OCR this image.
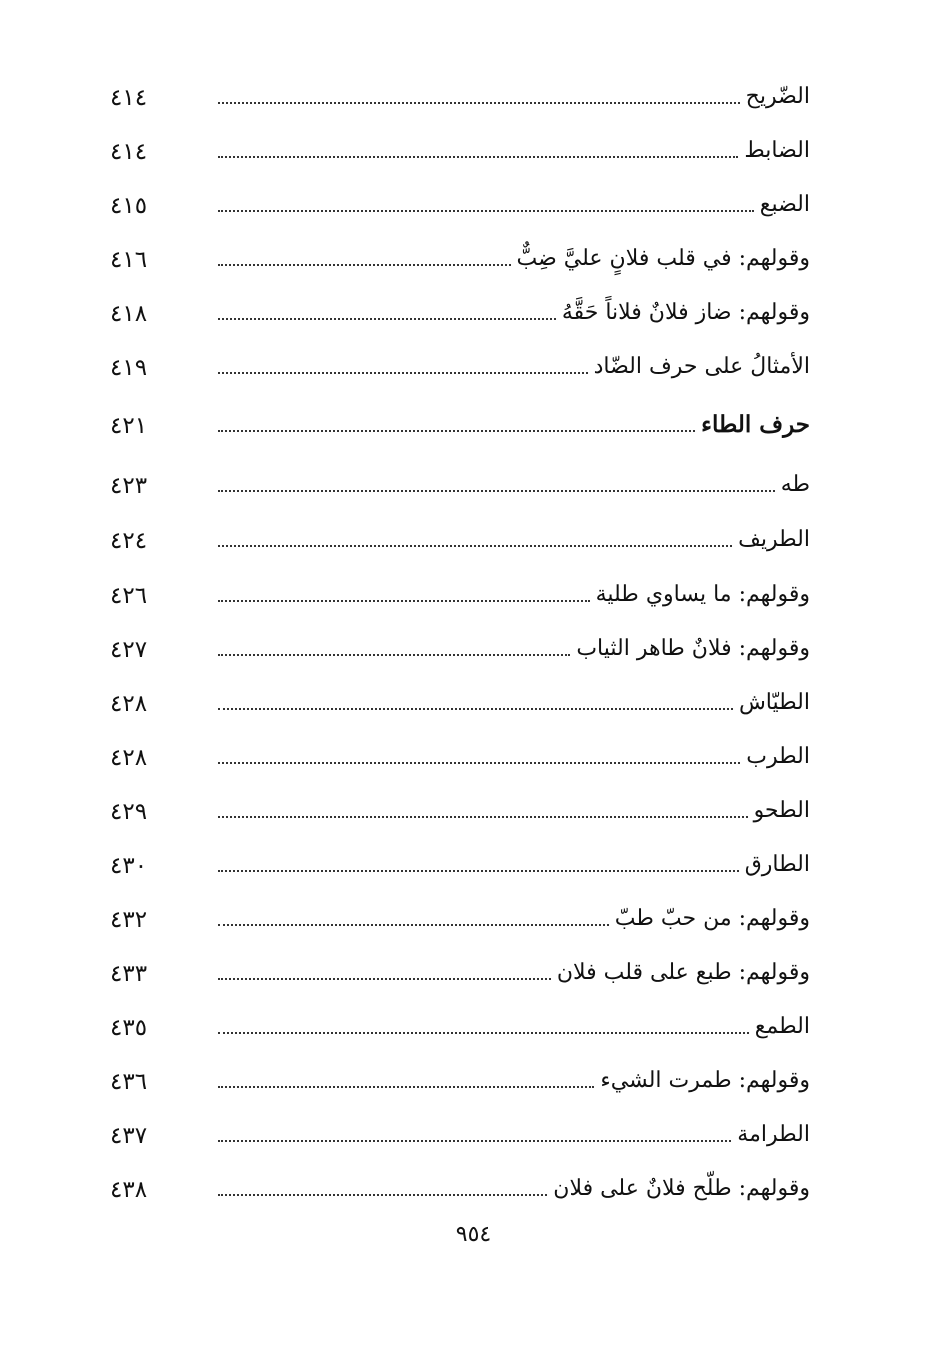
٤١٤	الضّريح
٤١٤	الضابط
٤١٥	الضبع
٤١٦	وقولهم: في قلب فلانٍ عليَّ ضِبٌّ
٤١٨	وقولهم: ضاز فلانٌ فلاناً حَقَّهُ
٤١٩	الأمثالُ على حرف الضّاد
٤٢١	حرف الطاء
٤٢٣	طه
٤٢٤	الطريف
٤٢٦	وقولهم: ما يساوي طلية
٤٢٧	وقولهم: فلانٌ طاهر الثياب
٤٢٨	الطيّاش
٤٢٨	الطرب
٤٢٩	الطحو
٤٣٠	الطارق
٤٣٢	وقولهم: من حبّ طبّ
٤٣٣	وقولهم: طبع على قلب فلان
٤٣٥	الطمع
٤٣٦	وقولهم: طمرت الشيء
٤٣٧	الطرامة
٤٣٨	وقولهم: طلّح فلانٌ على فلان
٩٥٤
